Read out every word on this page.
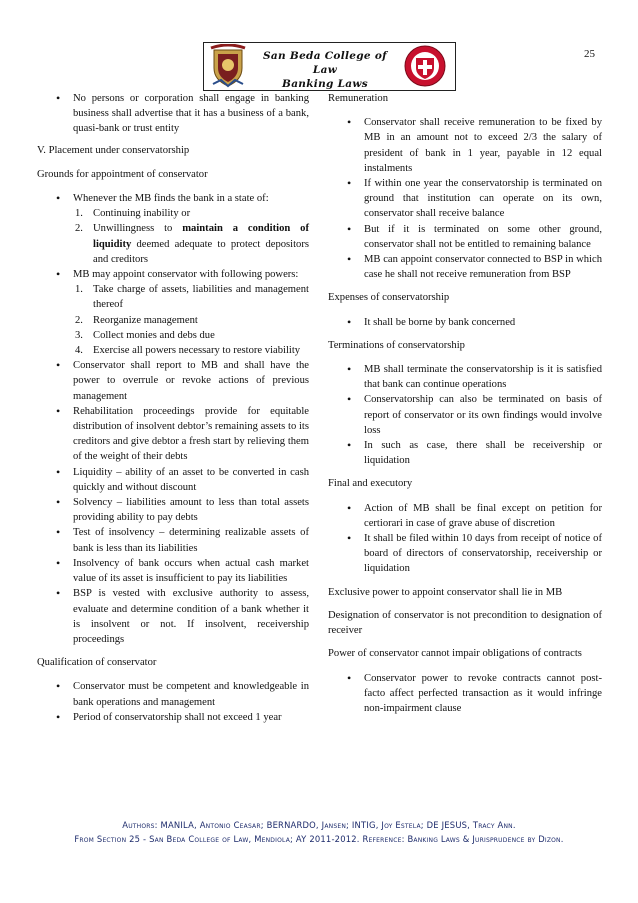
San Beda College of Law
Banking Laws
25
• No persons or corporation shall engage in banking business shall advertise that it has a business of a bank, quasi-bank or trust entity

V. Placement under conservatorship

Grounds for appointment of conservator

• Whenever the MB finds the bank in a state of:
1. Continuing inability or
2. Unwillingness to maintain a condition of liquidity deemed adequate to protect depositors and creditors
• MB may appoint conservator with following powers:
1. Take charge of assets, liabilities and management thereof
2. Reorganize management
3. Collect monies and debs due
4. Exercise all powers necessary to restore viability
• Conservator shall report to MB and shall have the power to overrule or revoke actions of previous management
• Rehabilitation proceedings provide for equitable distribution of insolvent debtor’s remaining assets to its creditors and give debtor a fresh start by relieving them of the weight of their debts
• Liquidity – ability of an asset to be converted in cash quickly and without discount
• Solvency – liabilities amount to less than total assets providing ability to pay debts
• Test of insolvency – determining realizable assets of bank is less than its liabilities
• Insolvency of bank occurs when actual cash market value of its asset is insufficient to pay its liabilities
• BSP is vested with exclusive authority to assess, evaluate and determine condition of a bank whether it is insolvent or not. If insolvent, receivership proceedings

Qualification of conservator

• Conservator must be competent and knowledgeable in bank operations and management
• Period of conservatorship shall not exceed 1 year

Remuneration

• Conservator shall receive remuneration to be fixed by MB in an amount not to exceed 2/3 the salary of president of bank in 1 year, payable in 12 equal instalments
• If within one year the conservatorship is terminated on ground that institution can operate on its own, conservator shall receive balance
• But if it is terminated on some other ground, conservator shall not be entitled to remaining balance
• MB can appoint conservator connected to BSP in which case he shall not receive remuneration from BSP

Expenses of conservatorship

• It shall be borne by bank concerned

Terminations of conservatorship

• MB shall terminate the conservatorship is it is satisfied that bank can continue operations
• Conservatorship can also be terminated on basis of report of conservator or its own findings would involve loss
• In such as case, there shall be receivership or liquidation

Final and executory

• Action of MB shall be final except on petition for certiorari in case of grave abuse of discretion
• It shall be filed within 10 days from receipt of notice of board of directors of conservatorship, receivership or liquidation

Exclusive power to appoint conservator shall lie in MB

Designation of conservator is not precondition to designation of receiver

Power of conservator cannot impair obligations of contracts

• Conservator power to revoke contracts cannot post-facto affect perfected transaction as it would infringe non-impairment clause
Authors: MANILA, Antonio Ceasar; BERNARDO, Jansen; INTIG, Joy Estela; DE JESUS, Tracy Ann.
From Section 25 - San Beda College of Law, Mendiola; AY 2011-2012. Reference: Banking Laws & Jurisprudence by Dizon.
